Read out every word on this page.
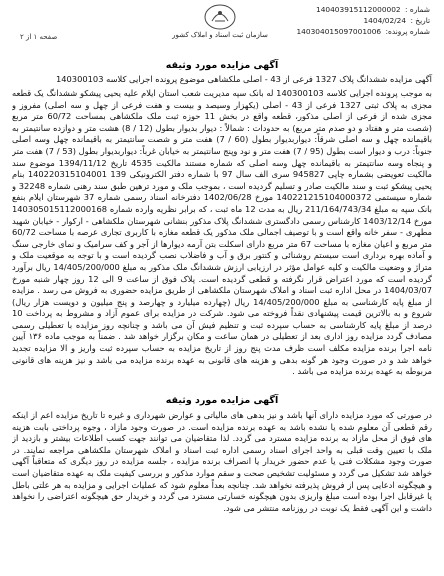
شماره : 140403915112000002
تاریخ : 1404/02/24
شماره پرونده: 140304015097001006
سازمان ثبت اسناد و املاک کشور
صفحه ۱ از ۲
آگهی مزایده مورد وثیقه
آگهی مزایده ششدانگ پلاک 1327 فرعی از 43 - اصلی ملکشاهی موضوع پرونده اجرایی کلاسه 140300103
به موجب پرونده اجرایی کلاسه 140300103 له بانک سپه مدیریت شعب استان ایلام علیه یحیی پیشکو ششدانگ یک قطعه مجزی به پلاک ثبتی 1327 فرعی از 43 - اصلی (یکهزار وسیصد و بیست و هفت فرعی از چهل و سه اصلی) مفروز و مجزی شده از فرعی از اصلی مذکور، قطعه واقع در بخش 11 حوزه ثبت ملک ملکشاهی بمساحت 60/72 متر مربع (شصت متر و هفتاد و دو صدم متر مربع) به حدودات : شمالاً : دیوار بدیوار بطول (12 / 8) هشت متر و دوازده سانتیمتر به باقیمانده چهل و سه اصلی شرقاً: دیواربدیوار بطول (60 / 7) هفت متر و شصت سانتیمتر به باقیمانده چهل وسه اصلی جنوباً: درب و دیوار است بطول (95 / 7) هفت متر و نود وپنج سانتیمتر به خیابان غرباً: دیواربدیوار بطول (53 / 7) هفت متر و پنجاه وسه سانتیمتر به باقیمانده چهل وسه اصلی که شماره مستند مالکیت 4535 تاریخ 1394/11/12 موضوع سند مالکیت تعویضی بشماره چاپی 945827 سری الف سال 97 با شماره دفتر الکترونیکی 139 140220315104001 بنام یحیی پیشکو ثبت و سند مالکیت صادر و تسلیم گردیده است ، بموجب ملک و مورد ترهین طبق سند رهنی شماره 32248 و شماره سیستمی 140221215104000372 مورخ 1402/06/28 دفترخانه اسناد رسمی شماره 37 شهرستان ایلام بنفع بانک سپه به مبلغ 211/164/743/34 ریال به مدت 12 ماه ثبت ، که برابر نظریه وارده شماره 140305015112000168 مورخ 1403/12/14 کارشناس رسمی دادگستری ششدانگ پلاک مذکور بنشانی شهرستان ملکشاهی - ارکوار - خیابان شهید مطهری - سفر خانه واقع است و با توصیف اجمالی ملک مذکور یک قطعه مغازه با کاربری تجاری عرصه با مساحت 60/72 متر مربع و اعیان مغازه با مساحت 67 متر مربع دارای اسکلت بتن آرمه دیوارها از آجر و کف سرامیک و نمای خارجی سنگ و آماده بهره برداری است سیستم روشنائی و کنتور برق و آب و فاضلاب نصب گردیده است و با توجه به موقعیت ملک و متراژ و وضعیت مالکیت و کلیه عوامل مؤثر در ارزیابی ارزش ششدانگ ملک مذکور به مبلغ 14/405/200/000 ریال برآورد گردیده است که مورد اعتراض قرار نگرفته و قطعی گردیده است. پلاک فوق از ساعت 9 الی 12 روز چهار شنبه مورخ 1404/03/07 در محل اداره ثبت اسناد و املاک شهرستان ملکشاهی از طریق مزایده حضوری به فروش می رسد . مزایده از مبلغ پایه کارشناسی به مبلغ 14/405/200/000 ریال (چهارده میلیارد و چهارصد و پنج میلیون و دویست هزار ریال) شروع و به بالاترین قیمت پیشنهادی نقداً فروخته می شود. شرکت در مزایده برای عموم آزاد و مشروط به پرداخت 10 درصد از مبلغ پایه کارشناسی به حساب سپرده ثبت و تنظیم فیش آن می باشد و چنانچه روز مزایده با تعطیلی رسمی مصادف گردد مزایده روز اداری بعد از تعطیلی در همان ساعت و مکان برگزار خواهد شد . ضمناً به موجب ماده ۱۳۶ آیین نامه اجرا برنده مزایده مکلف است ظرف مدت پنج روز از تاریخ مزایده به حساب سپرده ثبت واریز و الا مزایده تجدید خواهد شد و در صورت وجود هر گونه بدهی و هزینه های قانونی به عهده برنده مزایده می باشد و نیز هزینه های قانونی مربوطه به عهده برنده مزایده می باشد .
آگهی مزایده مورد وثیقه
در صورتی که مورد مزایده دارای آنها باشد و نیز بدهی های مالیاتی و عوارض شهرداری و غیره تا تاریخ مزایده اعم از اینکه رقم قطعی آن معلوم شده یا نشده باشد به عهده برنده مزایده است. در صورت وجود مازاد ، وجوه پرداختی بابت هزینه های فوق از محل مازاد به برنده مزایده مسترد می گردد. لذا متقاضیان می توانند جهت کسب اطلاعات بیشتر و بازدید از ملک با تعیین وقت قبلی به واحد اجرای اسناد رسمی اداره ثبت اسناد و املاک شهرستان ملکشاهی مراجعه نمایند. در صورت وجود مشکلات فنی یا عدم حضور خریدار یا انصراف برنده مزایده ، جلسه مزایده در روز دیگری که متعاقباً آگهی خواهد شد تشکیل می گردد و مسئولیت تشخیص صحت و سقم موارد مذکور و بررسی کیفیت ملک به عهده متقاضیان است و هیچگونه ادعایی پس از فروش پذیرفته نخواهد شد. چنانچه بعداً معلوم شود که عملیات اجرایی و مزایده به هر علتی باطل یا غیرقابل اجرا بوده است مبلغ واریزی بدون هیچگونه خسارتی مسترد می گردد و خریدار حق هیچگونه اعتراضی را نخواهد داشت و این آگهی فقط یک نوبت در روزنامه منتشر می شود.
